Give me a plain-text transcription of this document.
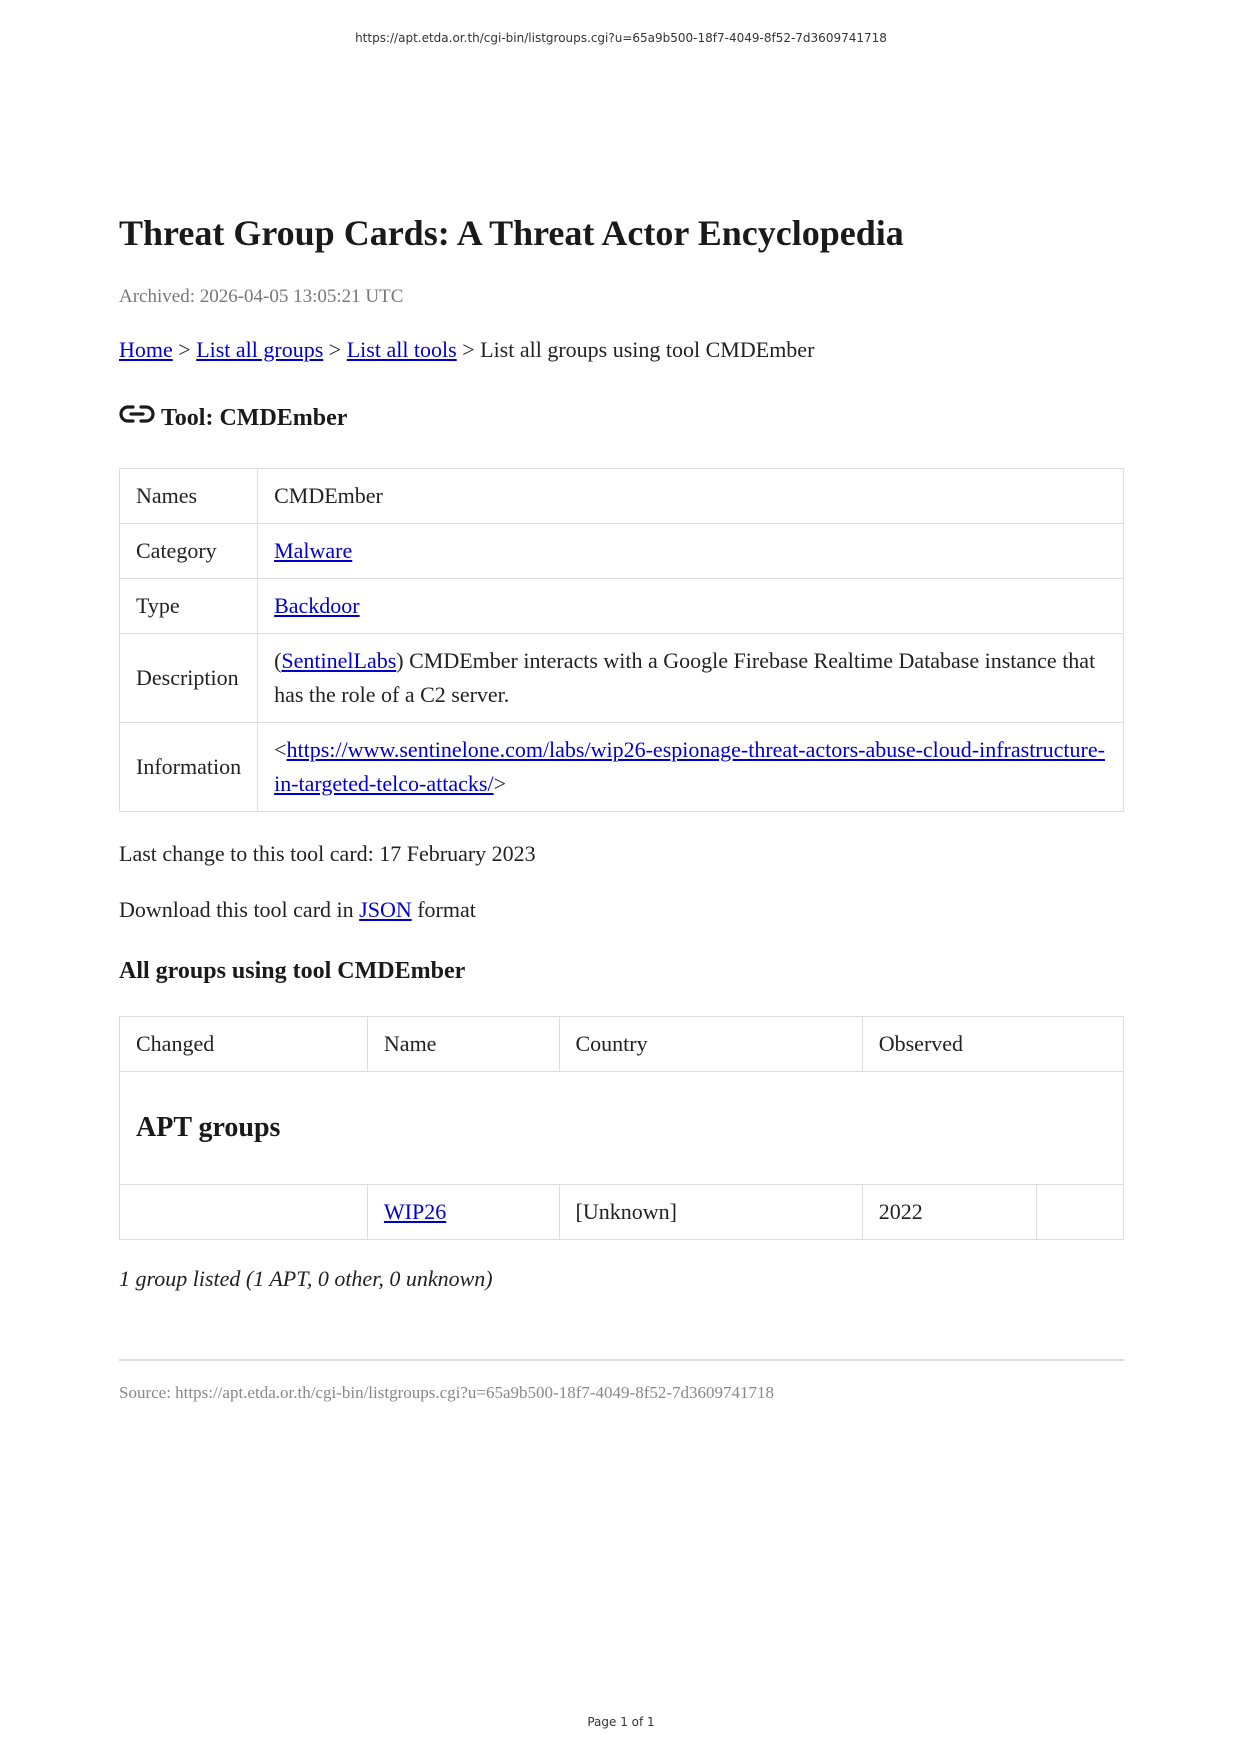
https://apt.etda.or.th/cgi-bin/listgroups.cgi?u=65a9b500-18f7-4049-8f52-7d3609741718
Threat Group Cards: A Threat Actor Encyclopedia
Archived: 2026-04-05 13:05:21 UTC
Home > List all groups > List all tools > List all groups using tool CMDEmber
Tool: CMDEmber
Names	CMDEmber
Category	Malware
Type	Backdoor
Description	(SentinelLabs) CMDEmber interacts with a Google Firebase Realtime Database instance that has the role of a C2 server.
Information	<https://www.sentinelone.com/labs/wip26-espionage-threat-actors-abuse-cloud-infrastructure-in-targeted-telco-attacks/>
Last change to this tool card: 17 February 2023
Download this tool card in JSON format
All groups using tool CMDEmber
Changed	Name	Country	Observed	
APT groups				
	WIP26	[Unknown]	2022	
1 group listed (1 APT, 0 other, 0 unknown)
Source: https://apt.etda.or.th/cgi-bin/listgroups.cgi?u=65a9b500-18f7-4049-8f52-7d3609741718
Page 1 of 1
